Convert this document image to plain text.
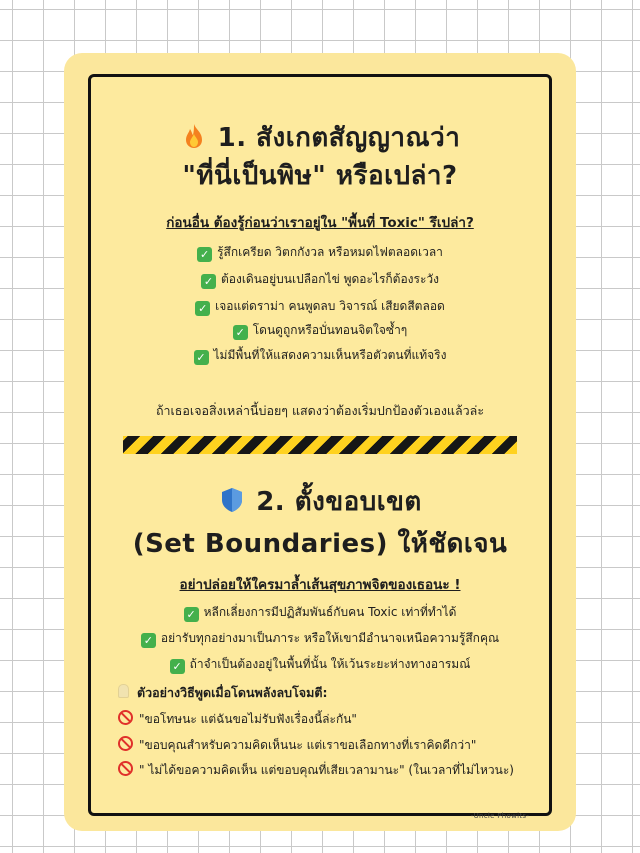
1. สังเกตสัญญาณว่า
"ที่นี่เป็นพิษ" หรือเปล่า?
ก่อนอื่น ต้องรู้ก่อนว่าเราอยู่ใน "พื้นที่ Toxic" รึเปล่า?
✓ รู้สึกเครียด วิตกกังวล หรือหมดไฟตลอดเวลา
✓ ต้องเดินอยู่บนเปลือกไข่ พูดอะไรก็ต้องระวัง
✓ เจอแต่ดราม่า คนพูดลบ วิจารณ์ เสียดสีตลอด
✓ โดนดูถูกหรือบั่นทอนจิตใจซ้ำๆ
✓ ไม่มีพื้นที่ให้แสดงความเห็นหรือตัวตนที่แท้จริง
ถ้าเธอเจอสิ่งเหล่านี้บ่อยๆ แสดงว่าต้องเริ่มปกป้องตัวเองแล้วล่ะ
2. ตั้งขอบเขต
(Set Boundaries) ให้ชัดเจน
อย่าปล่อยให้ใครมาล้ำเส้นสุขภาพจิตของเธอนะ !
✓ หลีกเลี่ยงการมีปฏิสัมพันธ์กับคน Toxic เท่าที่ทำได้
✓ อย่ารับทุกอย่างมาเป็นภาระ หรือให้เขามีอำนาจเหนือความรู้สึกคุณ
✓ ถ้าจำเป็นต้องอยู่ในพื้นที่นั้น ให้เว้นระยะห่างทางอารมณ์
ตัวอย่างวิธีพูดเมื่อโดนพลังลบโจมตี:
"ขอโทษนะ แต่ฉันขอไม่รับฟังเรื่องนี้ล่ะกัน"
"ขอบคุณสำหรับความคิดเห็นนะ แต่เราขอเลือกทางที่เราคิดดีกว่า"
" ไม่ได้ขอความคิดเห็น แต่ขอบคุณที่เสียเวลามานะ" (ในเวลาที่ไม่ไหวนะ)
-Uncle Phowits-
